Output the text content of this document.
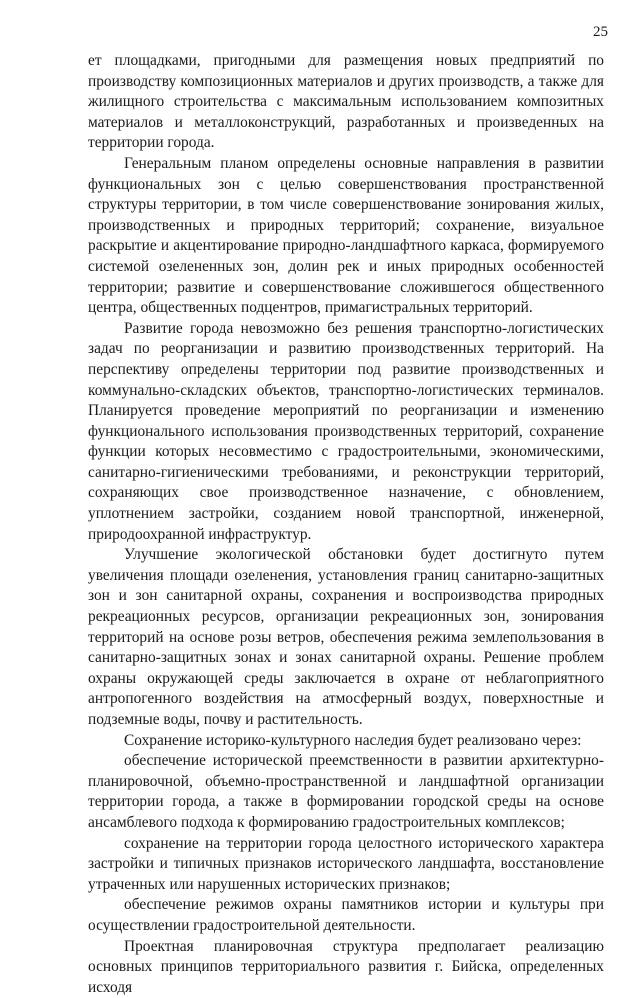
25

ет площадками, пригодными для размещения новых предприятий по производству композиционных материалов и других производств, а также для жилищного строительства с максимальным использованием композитных материалов и металлоконструкций, разработанных и произведенных на территории города.

Генеральным планом определены основные направления в развитии функциональных зон с целью совершенствования пространственной структуры территории, в том числе совершенствование зонирования жилых, производственных и природных территорий; сохранение, визуальное раскрытие и акцентирование природно-ландшафтного каркаса, формируемого системой озелененных зон, долин рек и иных природных особенностей территории; развитие и совершенствование сложившегося общественного центра, общественных подцентров, примагистральных территорий.

Развитие города невозможно без решения транспортно-логистических задач по реорганизации и развитию производственных территорий. На перспективу определены территории под развитие производственных и коммунально-складских объектов, транспортно-логистических терминалов. Планируется проведение мероприятий по реорганизации и изменению функционального использования производственных территорий, сохранение функции которых несовместимо с градостроительными, экономическими, санитарно-гигиеническими требованиями, и реконструкции территорий, сохраняющих свое производственное назначение, с обновлением, уплотнением застройки, созданием новой транспортной, инженерной, природоохранной инфраструктур.

Улучшение экологической обстановки будет достигнуто путем увеличения площади озеленения, установления границ санитарно-защитных зон и зон санитарной охраны, сохранения и воспроизводства природных рекреационных ресурсов, организации рекреационных зон, зонирования территорий на основе розы ветров, обеспечения режима землепользования в санитарно-защитных зонах и зонах санитарной охраны. Решение проблем охраны окружающей среды заключается в охране от неблагоприятного антропогенного воздействия на атмосферный воздух, поверхностные и подземные воды, почву и растительность.

Сохранение историко-культурного наследия будет реализовано через:

обеспечение исторической преемственности в развитии архитектурно-планировочной, объемно-пространственной и ландшафтной организации территории города, а также в формировании городской среды на основе ансамблевого подхода к формированию градостроительных комплексов;

сохранение на территории города целостного исторического характера застройки и типичных признаков исторического ландшафта, восстановление утраченных или нарушенных исторических признаков;

обеспечение режимов охраны памятников истории и культуры при осуществлении градостроительной деятельности.

Проектная планировочная структура предполагает реализацию основных принципов территориального развития г. Бийска, определенных исходя
